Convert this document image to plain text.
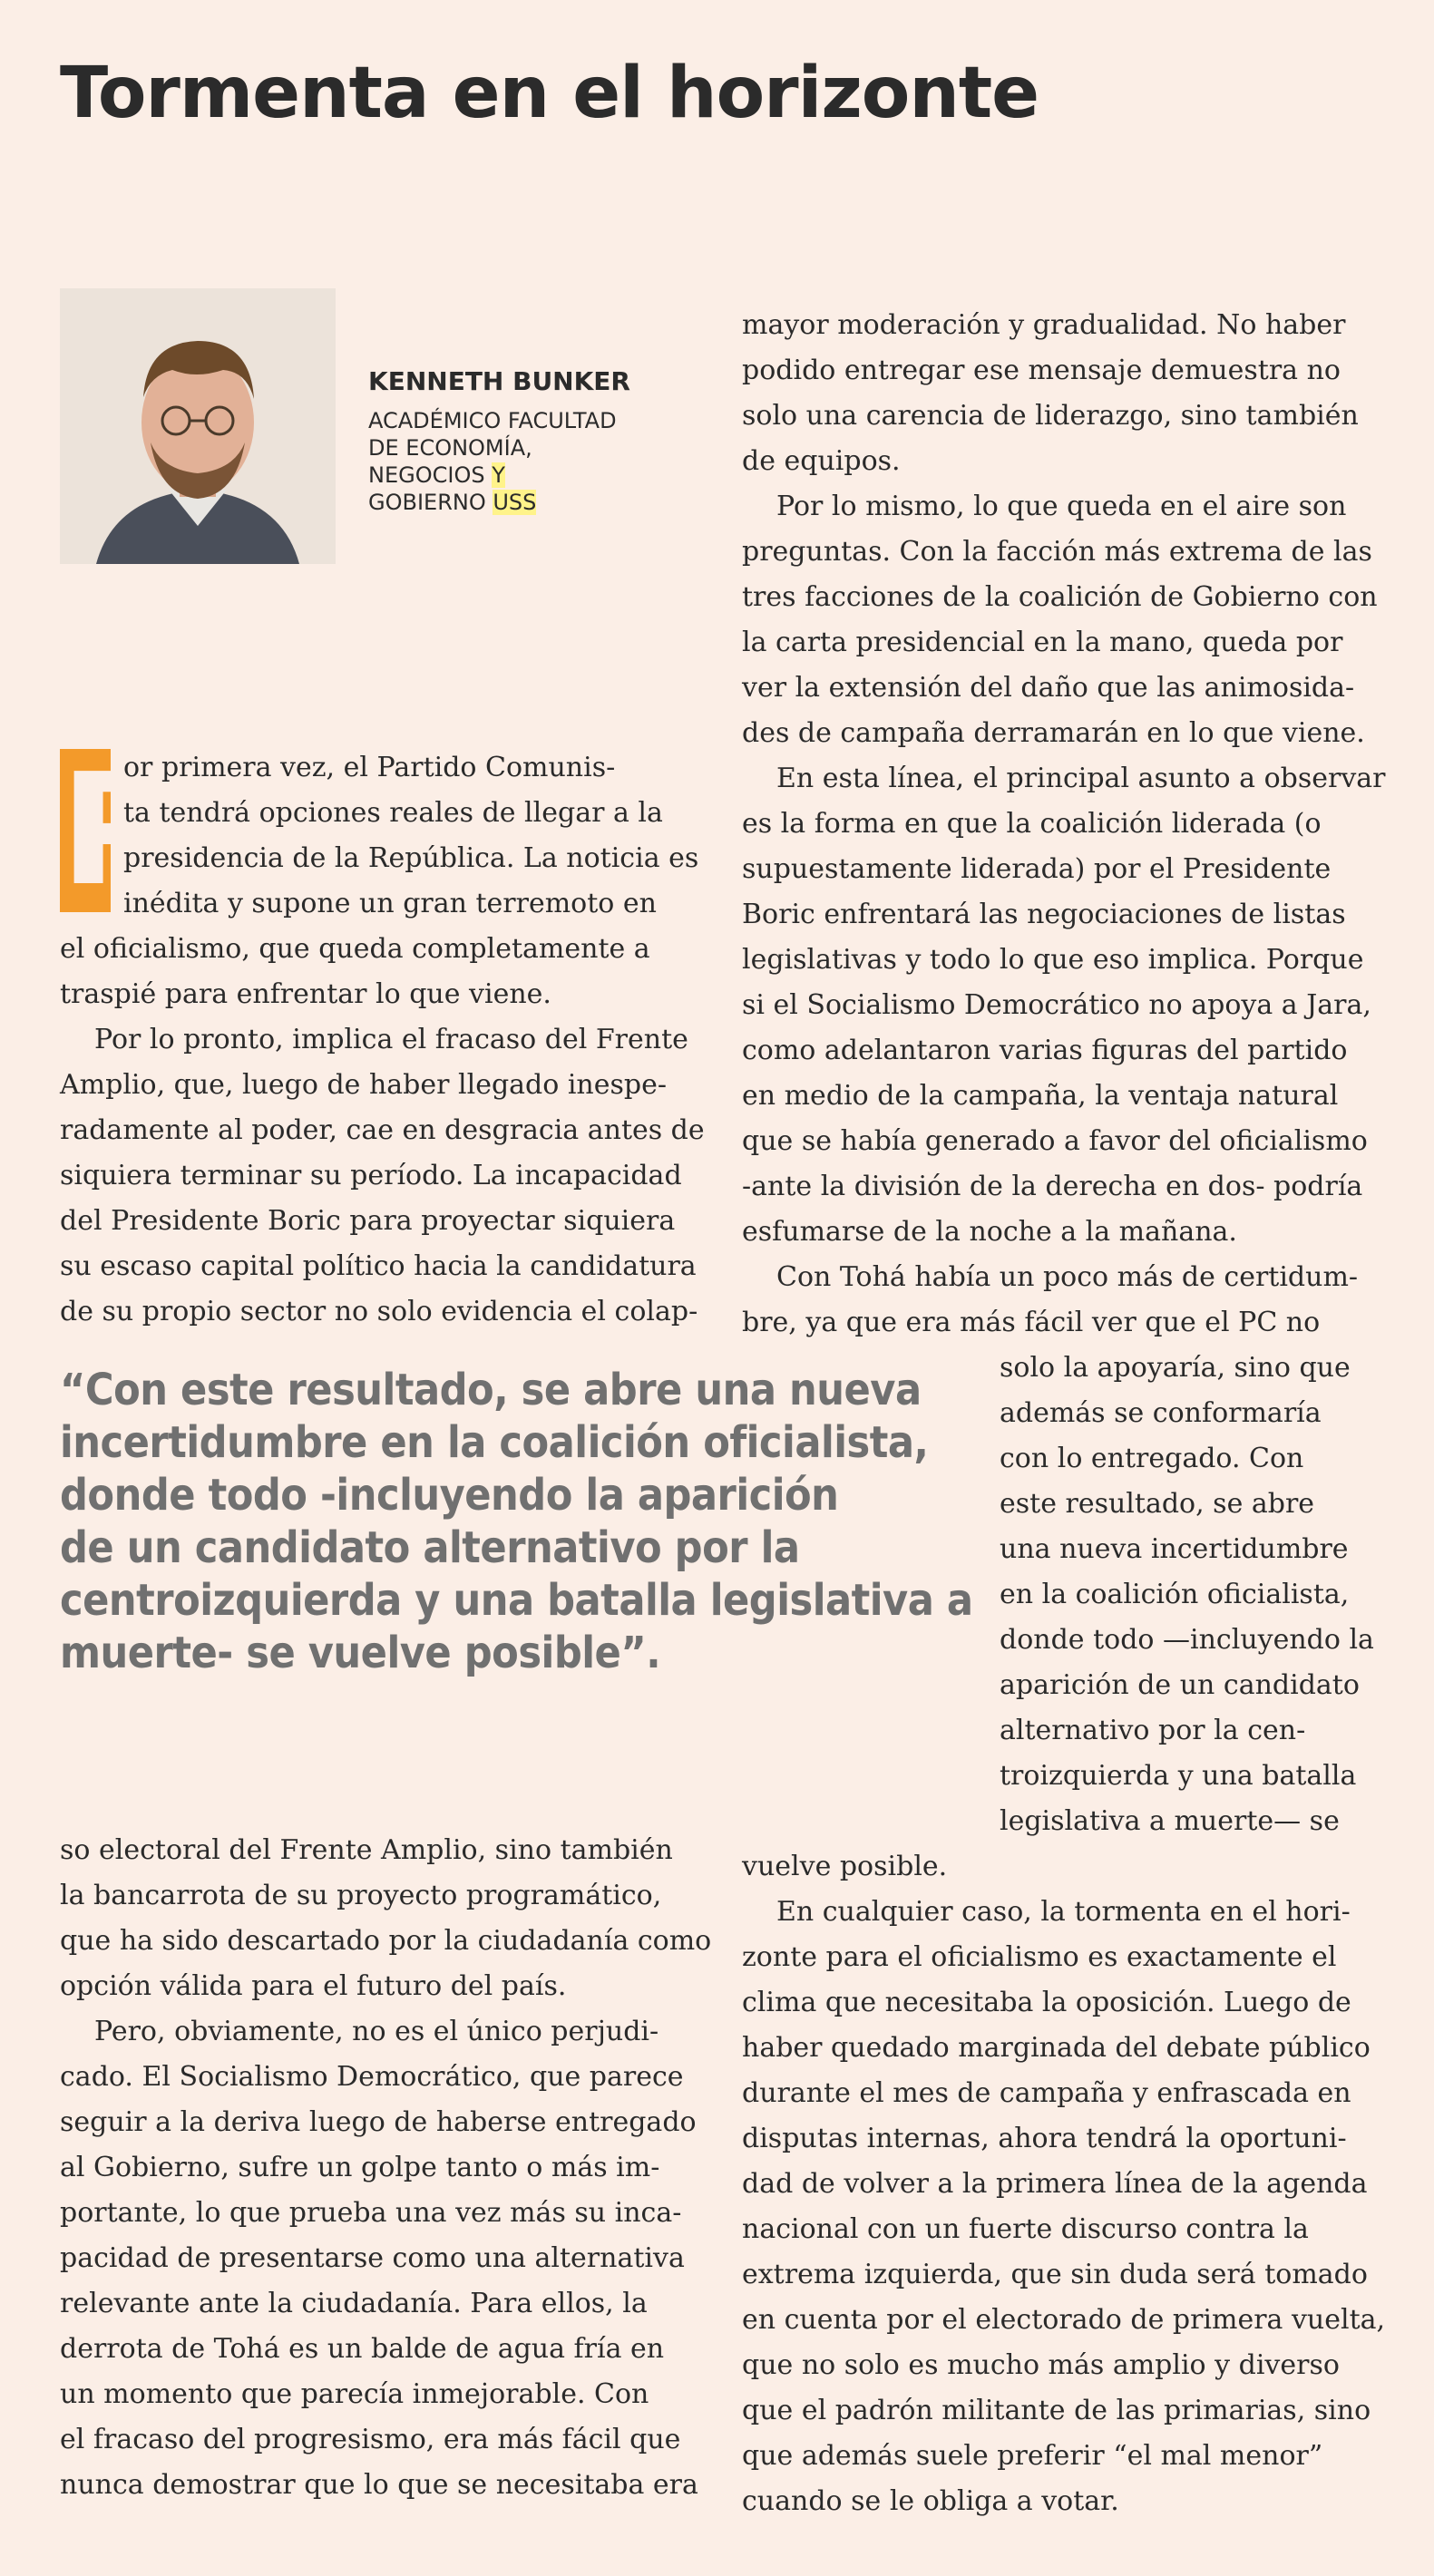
Tormenta en el horizonte
KENNETH BUNKER
ACADÉMICO FACULTAD
DE ECONOMÍA,
NEGOCIOS Y
GOBIERNO USS
P
or primera vez, el Partido Comunis-
ta tendrá opciones reales de llegar a la
presidencia de la República. La noticia es
inédita y supone un gran terremoto en
el oficialismo, que queda completamente a
traspié para enfrentar lo que viene.
Por lo pronto, implica el fracaso del Frente
Amplio, que, luego de haber llegado inespe-
radamente al poder, cae en desgracia antes de
siquiera terminar su período. La incapacidad
del Presidente Boric para proyectar siquiera
su escaso capital político hacia la candidatura
de su propio sector no solo evidencia el colap-
“Con este resultado, se abre una nueva
incertidumbre en la coalición oficialista,
donde todo -incluyendo la aparición
de un candidato alternativo por la
centroizquierda y una batalla legislativa a
muerte- se vuelve posible”.
so electoral del Frente Amplio, sino también
la bancarrota de su proyecto programático,
que ha sido descartado por la ciudadanía como
opción válida para el futuro del país.
Pero, obviamente, no es el único perjudi-
cado. El Socialismo Democrático, que parece
seguir a la deriva luego de haberse entregado
al Gobierno, sufre un golpe tanto o más im-
portante, lo que prueba una vez más su inca-
pacidad de presentarse como una alternativa
relevante ante la ciudadanía. Para ellos, la
derrota de Tohá es un balde de agua fría en
un momento que parecía inmejorable. Con
el fracaso del progresismo, era más fácil que
nunca demostrar que lo que se necesitaba era
mayor moderación y gradualidad. No haber
podido entregar ese mensaje demuestra no
solo una carencia de liderazgo, sino también
de equipos.
Por lo mismo, lo que queda en el aire son
preguntas. Con la facción más extrema de las
tres facciones de la coalición de Gobierno con
la carta presidencial en la mano, queda por
ver la extensión del daño que las animosida-
des de campaña derramarán en lo que viene.
En esta línea, el principal asunto a observar
es la forma en que la coalición liderada (o
supuestamente liderada) por el Presidente
Boric enfrentará las negociaciones de listas
legislativas y todo lo que eso implica. Porque
si el Socialismo Democrático no apoya a Jara,
como adelantaron varias figuras del partido
en medio de la campaña, la ventaja natural
que se había generado a favor del oficialismo
-ante la división de la derecha en dos- podría
esfumarse de la noche a la mañana.
Con Tohá había un poco más de certidum-
bre, ya que era más fácil ver que el PC no
solo la apoyaría, sino que
además se conformaría
con lo entregado. Con
este resultado, se abre
una nueva incertidumbre
en la coalición oficialista,
donde todo —incluyendo la
aparición de un candidato
alternativo por la cen-
troizquierda y una batalla
legislativa a muerte— se
vuelve posible.
En cualquier caso, la tormenta en el hori-
zonte para el oficialismo es exactamente el
clima que necesitaba la oposición. Luego de
haber quedado marginada del debate público
durante el mes de campaña y enfrascada en
disputas internas, ahora tendrá la oportuni-
dad de volver a la primera línea de la agenda
nacional con un fuerte discurso contra la
extrema izquierda, que sin duda será tomado
en cuenta por el electorado de primera vuelta,
que no solo es mucho más amplio y diverso
que el padrón militante de las primarias, sino
que además suele preferir “el mal menor”
cuando se le obliga a votar.
